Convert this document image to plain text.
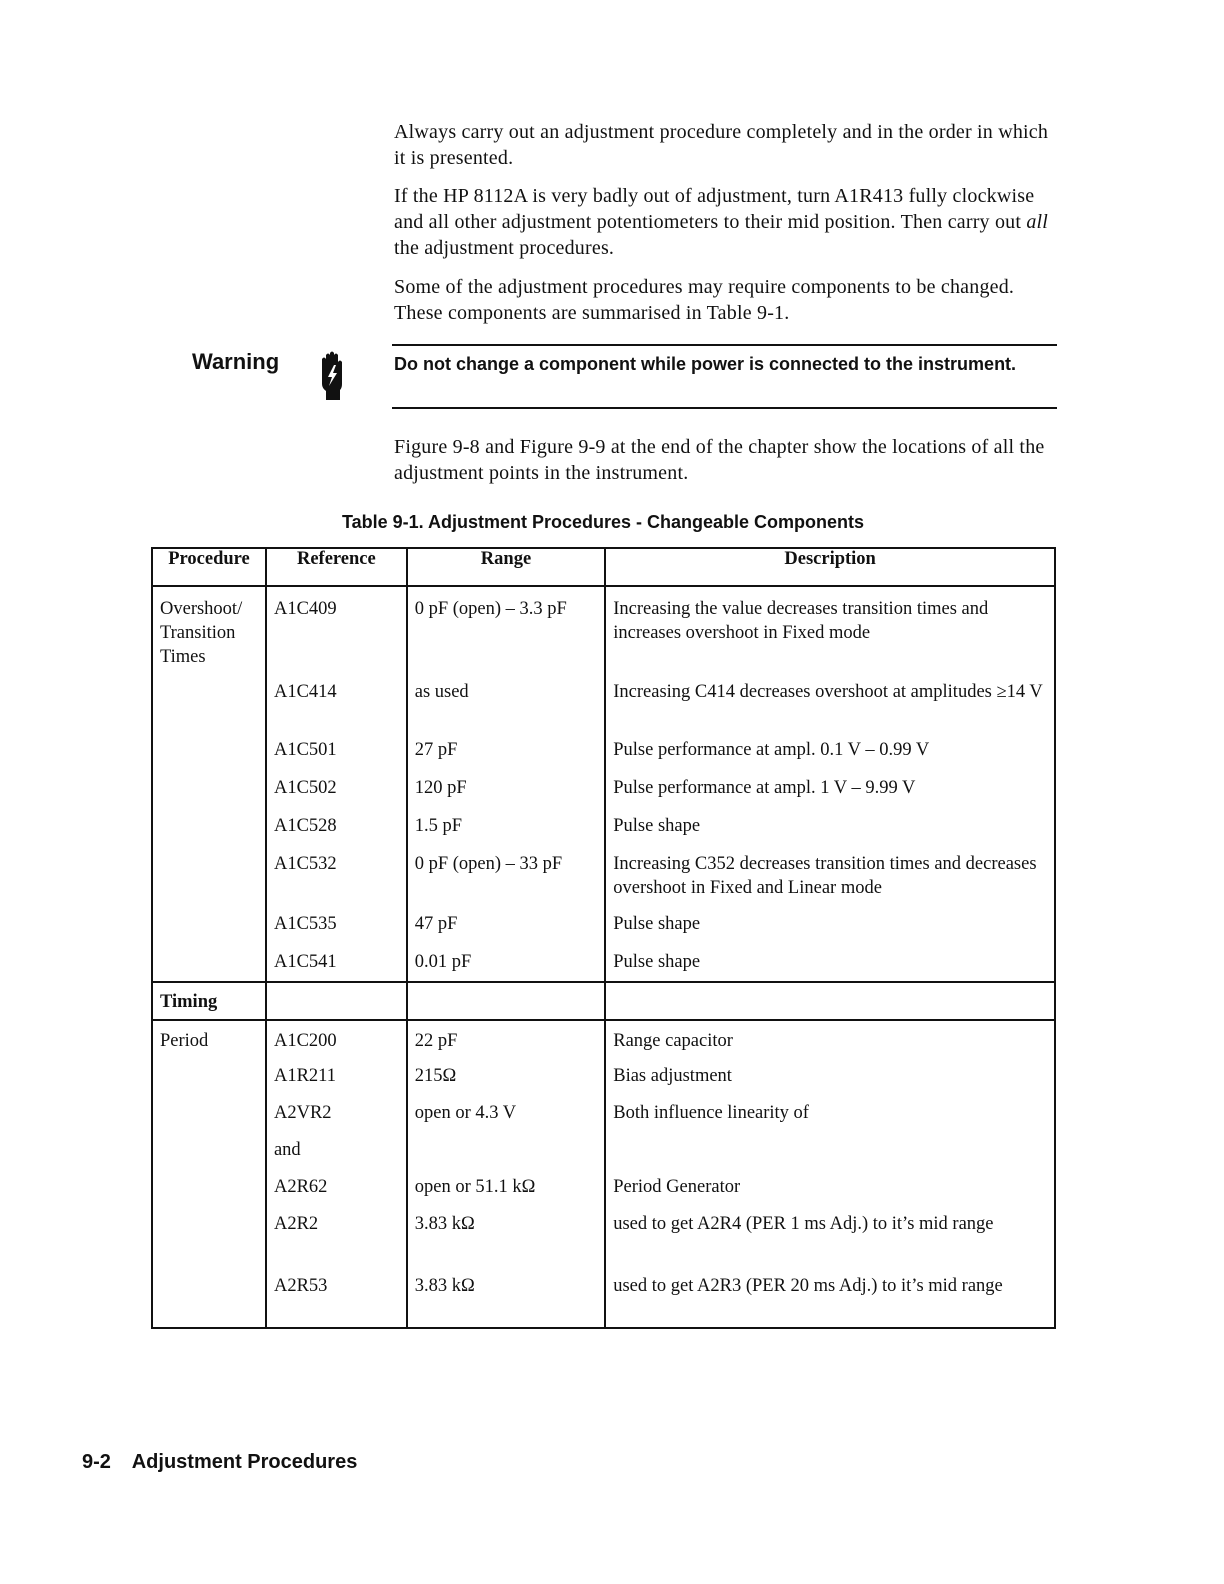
Always carry out an adjustment procedure completely and in the order in which it is presented.
If the HP 8112A is very badly out of adjustment, turn A1R413 fully clockwise and all other adjustment potentiometers to their mid position. Then carry out all the adjustment procedures.
Some of the adjustment procedures may require components to be changed. These components are summarised in Table 9-1.
Warning	Do not change a component while power is connected to the instrument.
Figure 9-8 and Figure 9-9 at the end of the chapter show the locations of all the adjustment points in the instrument.
Table 9-1. Adjustment Procedures - Changeable Components
Procedure	Reference	Range	Description

Overshoot/ Transition Times	A1C409	0 pF (open) – 3.3 pF	Increasing the value decreases transition times and increases overshoot in Fixed mode

	A1C414	as used	Increasing C414 decreases overshoot at amplitudes ≥14 V

	A1C501	27 pF	Pulse performance at ampl. 0.1 V – 0.99 V

	A1C502	120 pF	Pulse performance at ampl. 1 V – 9.99 V

	A1C528	1.5 pF	Pulse shape

	A1C532	0 pF (open) – 33 pF	Increasing C352 decreases transition times and decreases overshoot in Fixed and Linear mode

	A1C535	47 pF	Pulse shape

	A1C541	0.01 pF	Pulse shape

Timing			

Period	A1C200	22 pF	Range capacitor

	A1R211	215Ω	Bias adjustment

	A2VR2	open or 4.3 V	Both influence linearity of

	and		

	A2R62	open or 51.1 kΩ	Period Generator

	A2R2	3.83 kΩ	used to get A2R4 (PER 1 ms Adj.) to it’s mid range

	A2R53	3.83 kΩ	used to get A2R3 (PER 20 ms Adj.) to it’s mid range
9-2 Adjustment Procedures
